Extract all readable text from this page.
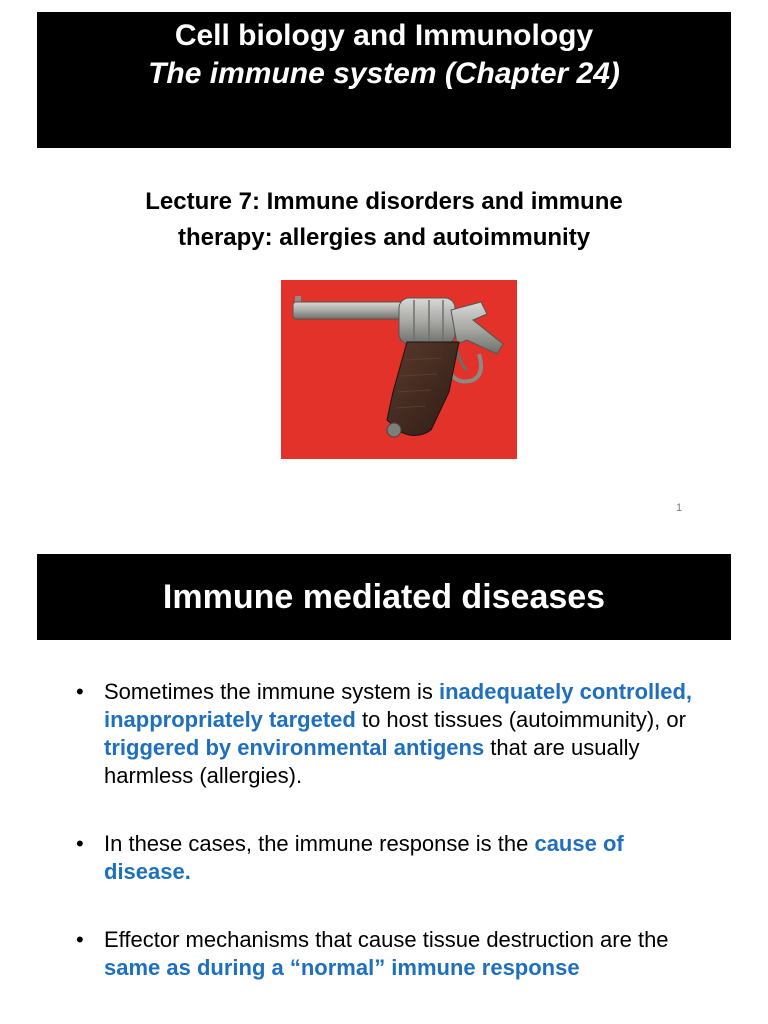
Cell biology and Immunology
The immune system (Chapter 24)
Lecture 7: Immune disorders and immune
therapy: allergies and autoimmunity
1
Immune mediated diseases
• Sometimes the immune system is inadequately controlled, inappropriately targeted to host tissues (autoimmunity), or triggered by environmental antigens that are usually harmless (allergies).
• In these cases, the immune response is the cause of disease.
• Effector mechanisms that cause tissue destruction are the same as during a “normal” immune response
